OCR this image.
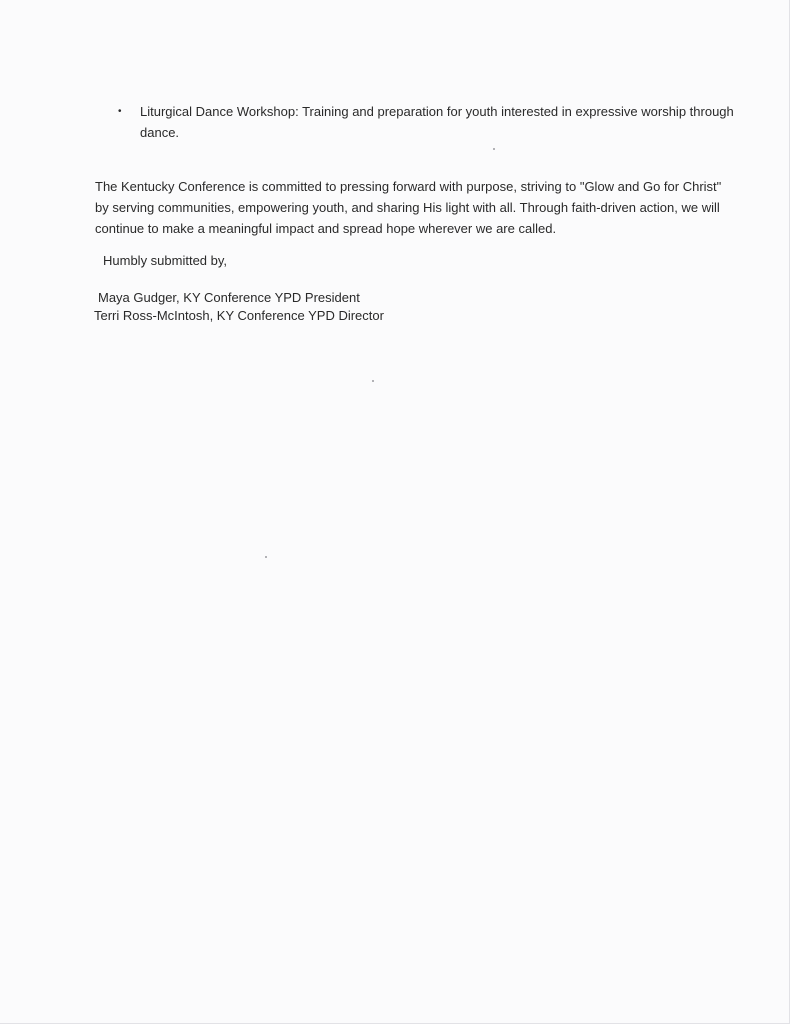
• Liturgical Dance Workshop: Training and preparation for youth interested in expressive worship through dance.

The Kentucky Conference is committed to pressing forward with purpose, striving to "Glow and Go for Christ" by serving communities, empowering youth, and sharing His light with all. Through faith-driven action, we will continue to make a meaningful impact and spread hope wherever we are called.

Humbly submitted by,

Maya Gudger, KY Conference YPD President

Terri Ross-McIntosh, KY Conference YPD Director
